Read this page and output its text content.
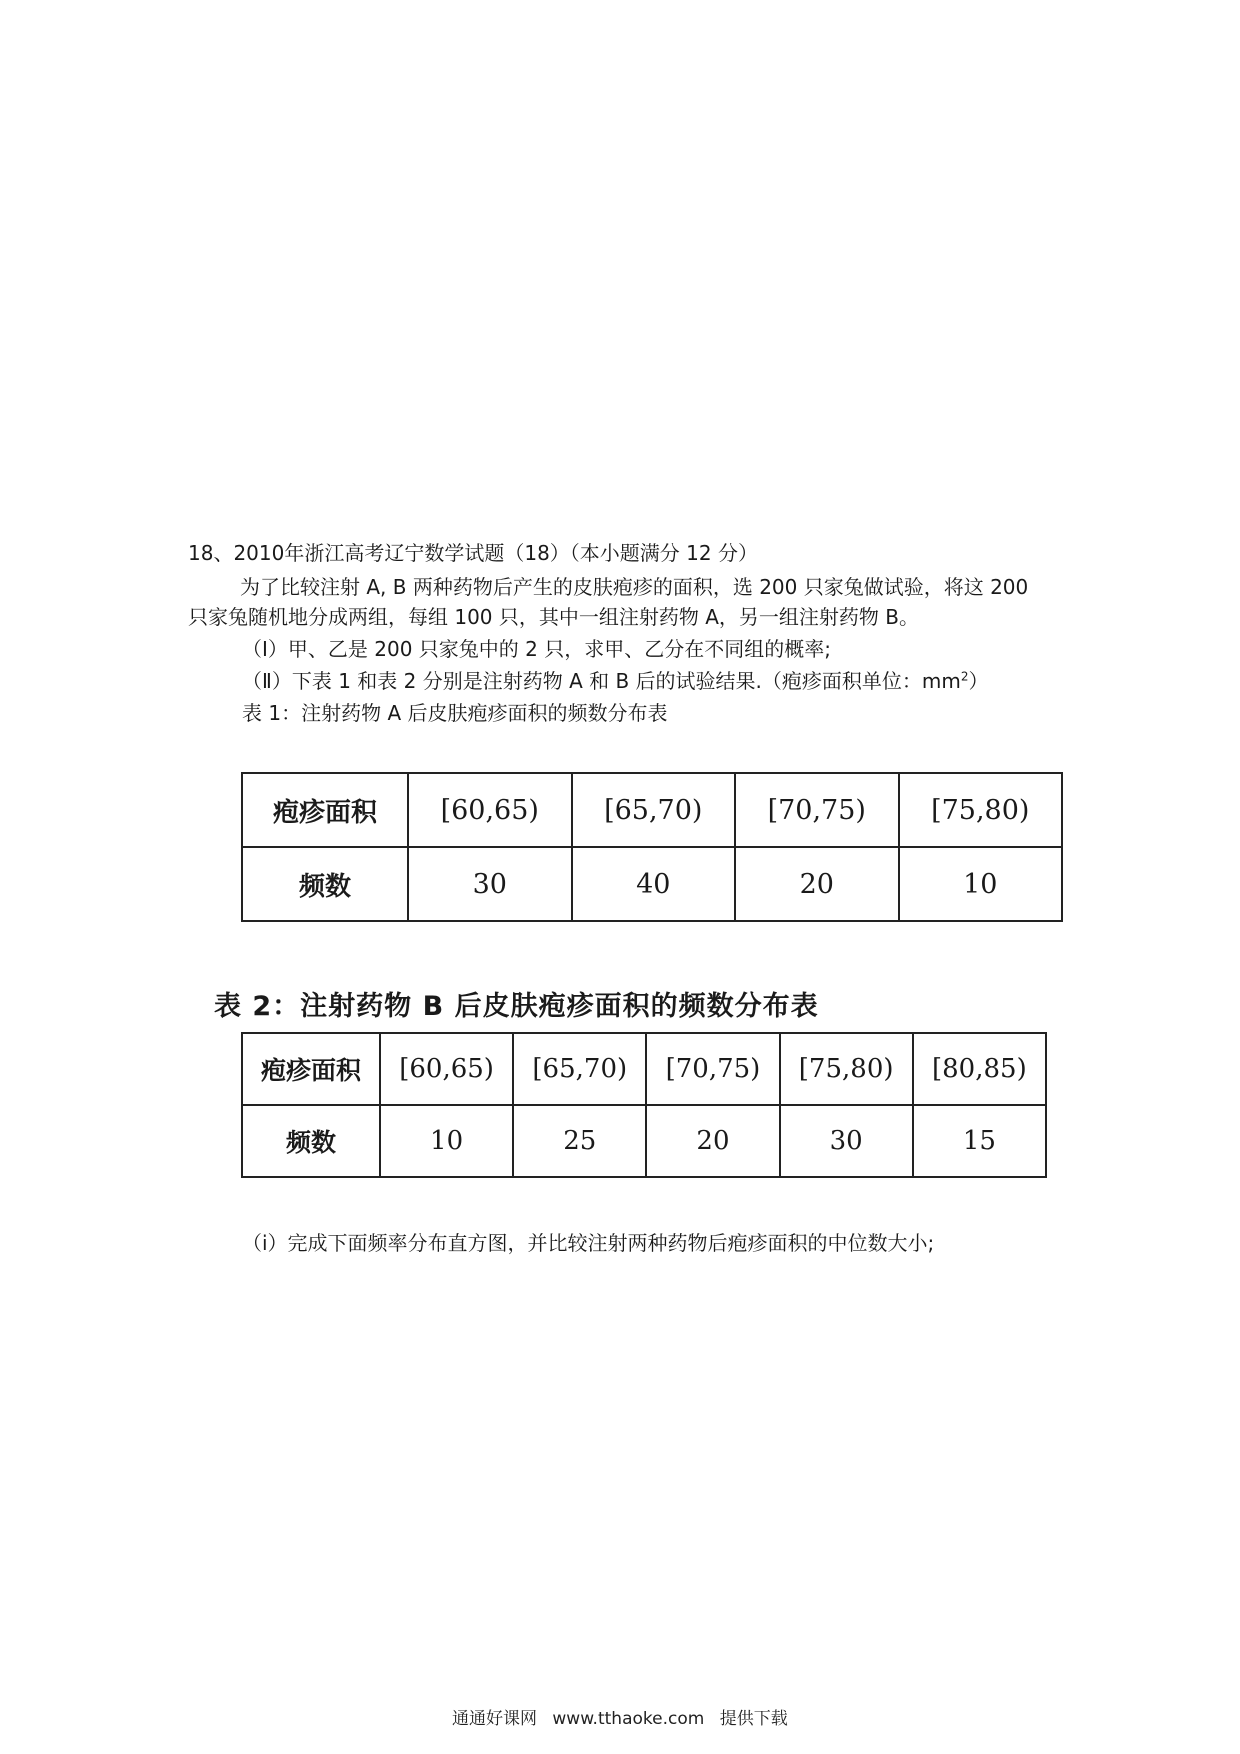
18、2010年浙江高考辽宁数学试题（18）（本小题满分 12 分）
为了比较注射 A, B 两种药物后产生的皮肤疱疹的面积，选 200 只家兔做试验，将这 200
只家兔随机地分成两组，每组 100 只，其中一组注射药物 A，另一组注射药物 B。
（Ⅰ）甲、乙是 200 只家兔中的 2 只，求甲、乙分在不同组的概率;
（Ⅱ）下表 1 和表 2 分别是注射药物 A 和 B 后的试验结果.（疱疹面积单位：$mm^2$）
表 1：注射药物 A 后皮肤疱疹面积的频数分布表
疱疹面积	[60,65)	[65,70)	[70,75)	[75,80)
频数	30	40	20	10
表 2：注射药物 B 后皮肤疱疹面积的频数分布表
疱疹面积	[60,65)	[65,70)	[70,75)	[75,80)	[80,85)
频数	10	25	20	30	15
（ⅰ）完成下面频率分布直方图，并比较注射两种药物后疱疹面积的中位数大小;
通通好课网 www.tthaoke.com 提供下载
